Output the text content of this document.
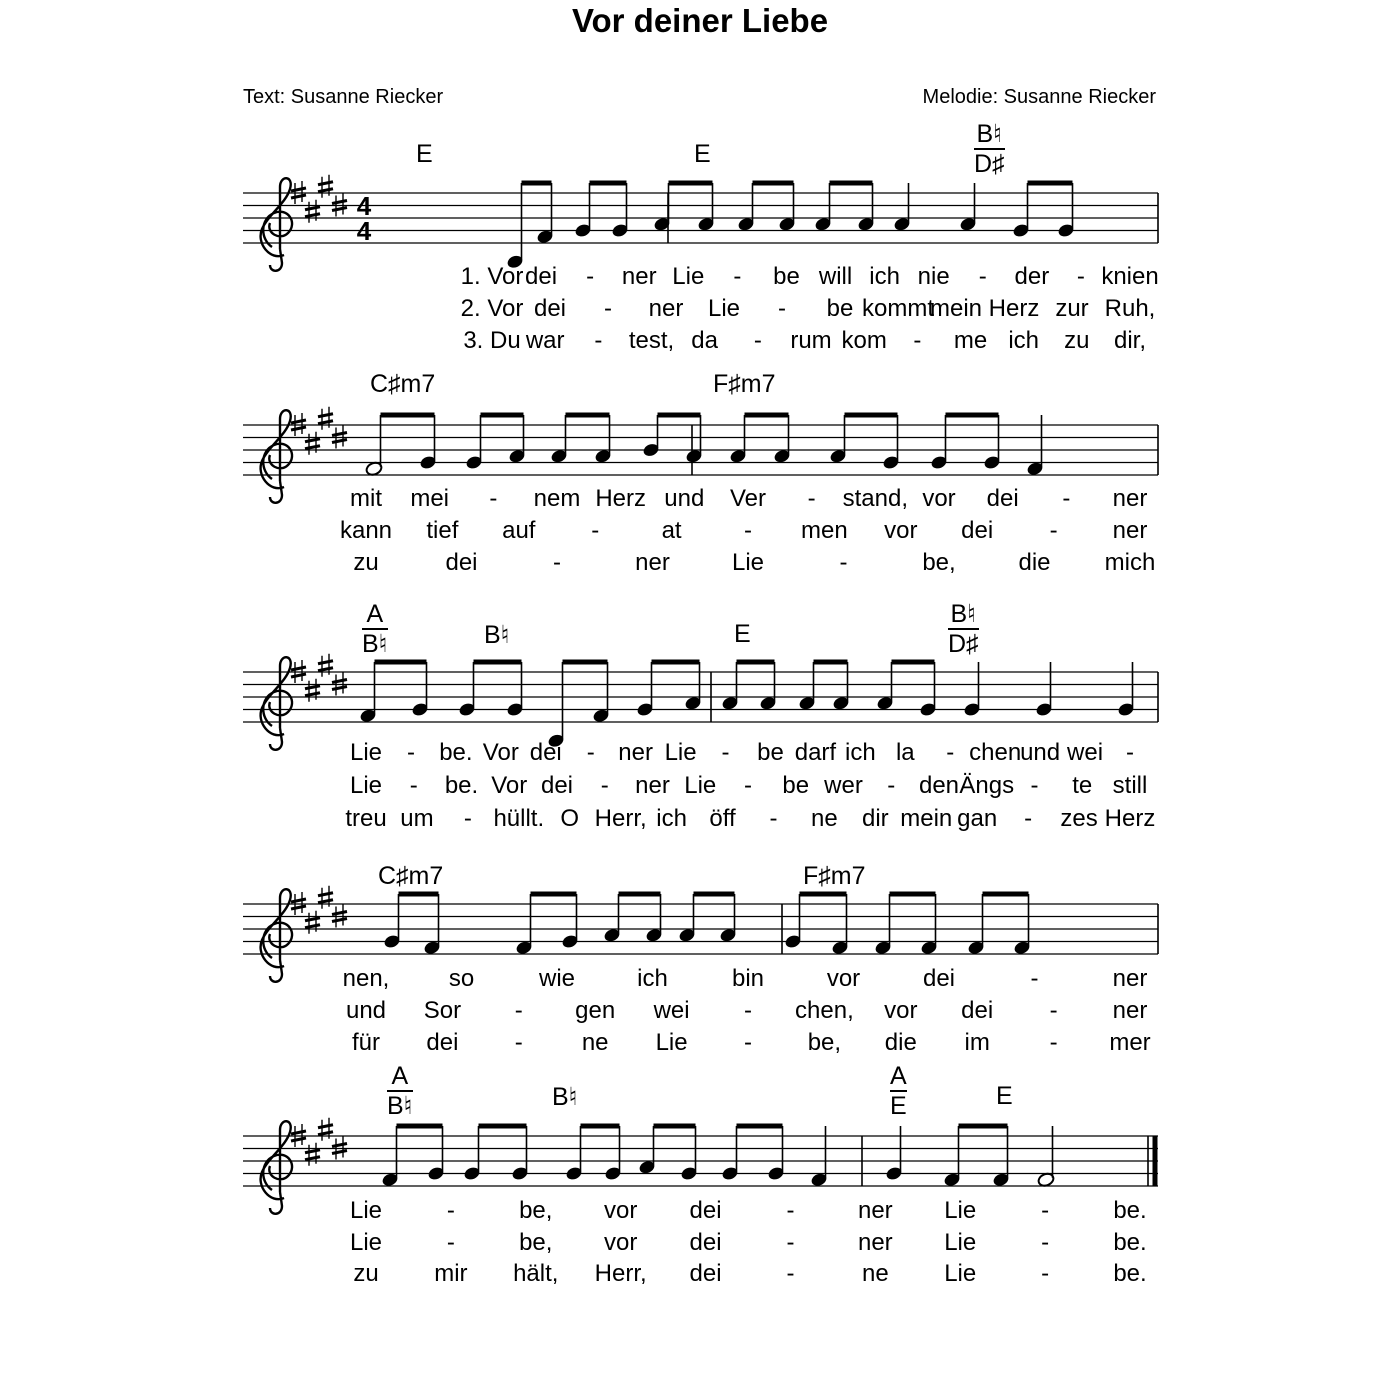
Vor deiner Liebe
Text: Susanne Riecker	Melodie: Susanne Riecker
4
4
E	E
B♮
D♯
1. Vor dei - ner Lie - be will ich nie - der - knien
2. Vor dei - ner Lie - be kommt
mein Herz zur Ruh,
3. Du war - test, da - rum kom - me ich zu dir,
C♯m7	F♯m7
mit mei - nem Herz und Ver - stand, vor dei - ner
kann tief auf -	at	- men vor dei - ner
zu	dei	-	ner	Lie	-	be,	die mich
A
B♮	B♮	E
B♮
D♯
Lie - be. Vor dei - ner Lie - be darf ich la - chen
und wei -
Lie - be. Vor dei - ner Lie - be wer - den Ängs - te still
treu um - hüllt. O Herr, ich öff - ne dir mein gan - zes Herz
C♯m7	F♯m7
nen, so	wie	ich	bin	vor	dei	-	ner
und Sor - gen wei - chen, vor dei - ner
für dei - ne Lie - be, die im - mer
A
B♮	B♮
A
E	E
Lie	-	be, vor dei	-	ner Lie	-	be.
Lie	-	be, vor dei	-	ner Lie	-	be.
zu mir hält, Herr, dei	-	ne Lie	-	be.
